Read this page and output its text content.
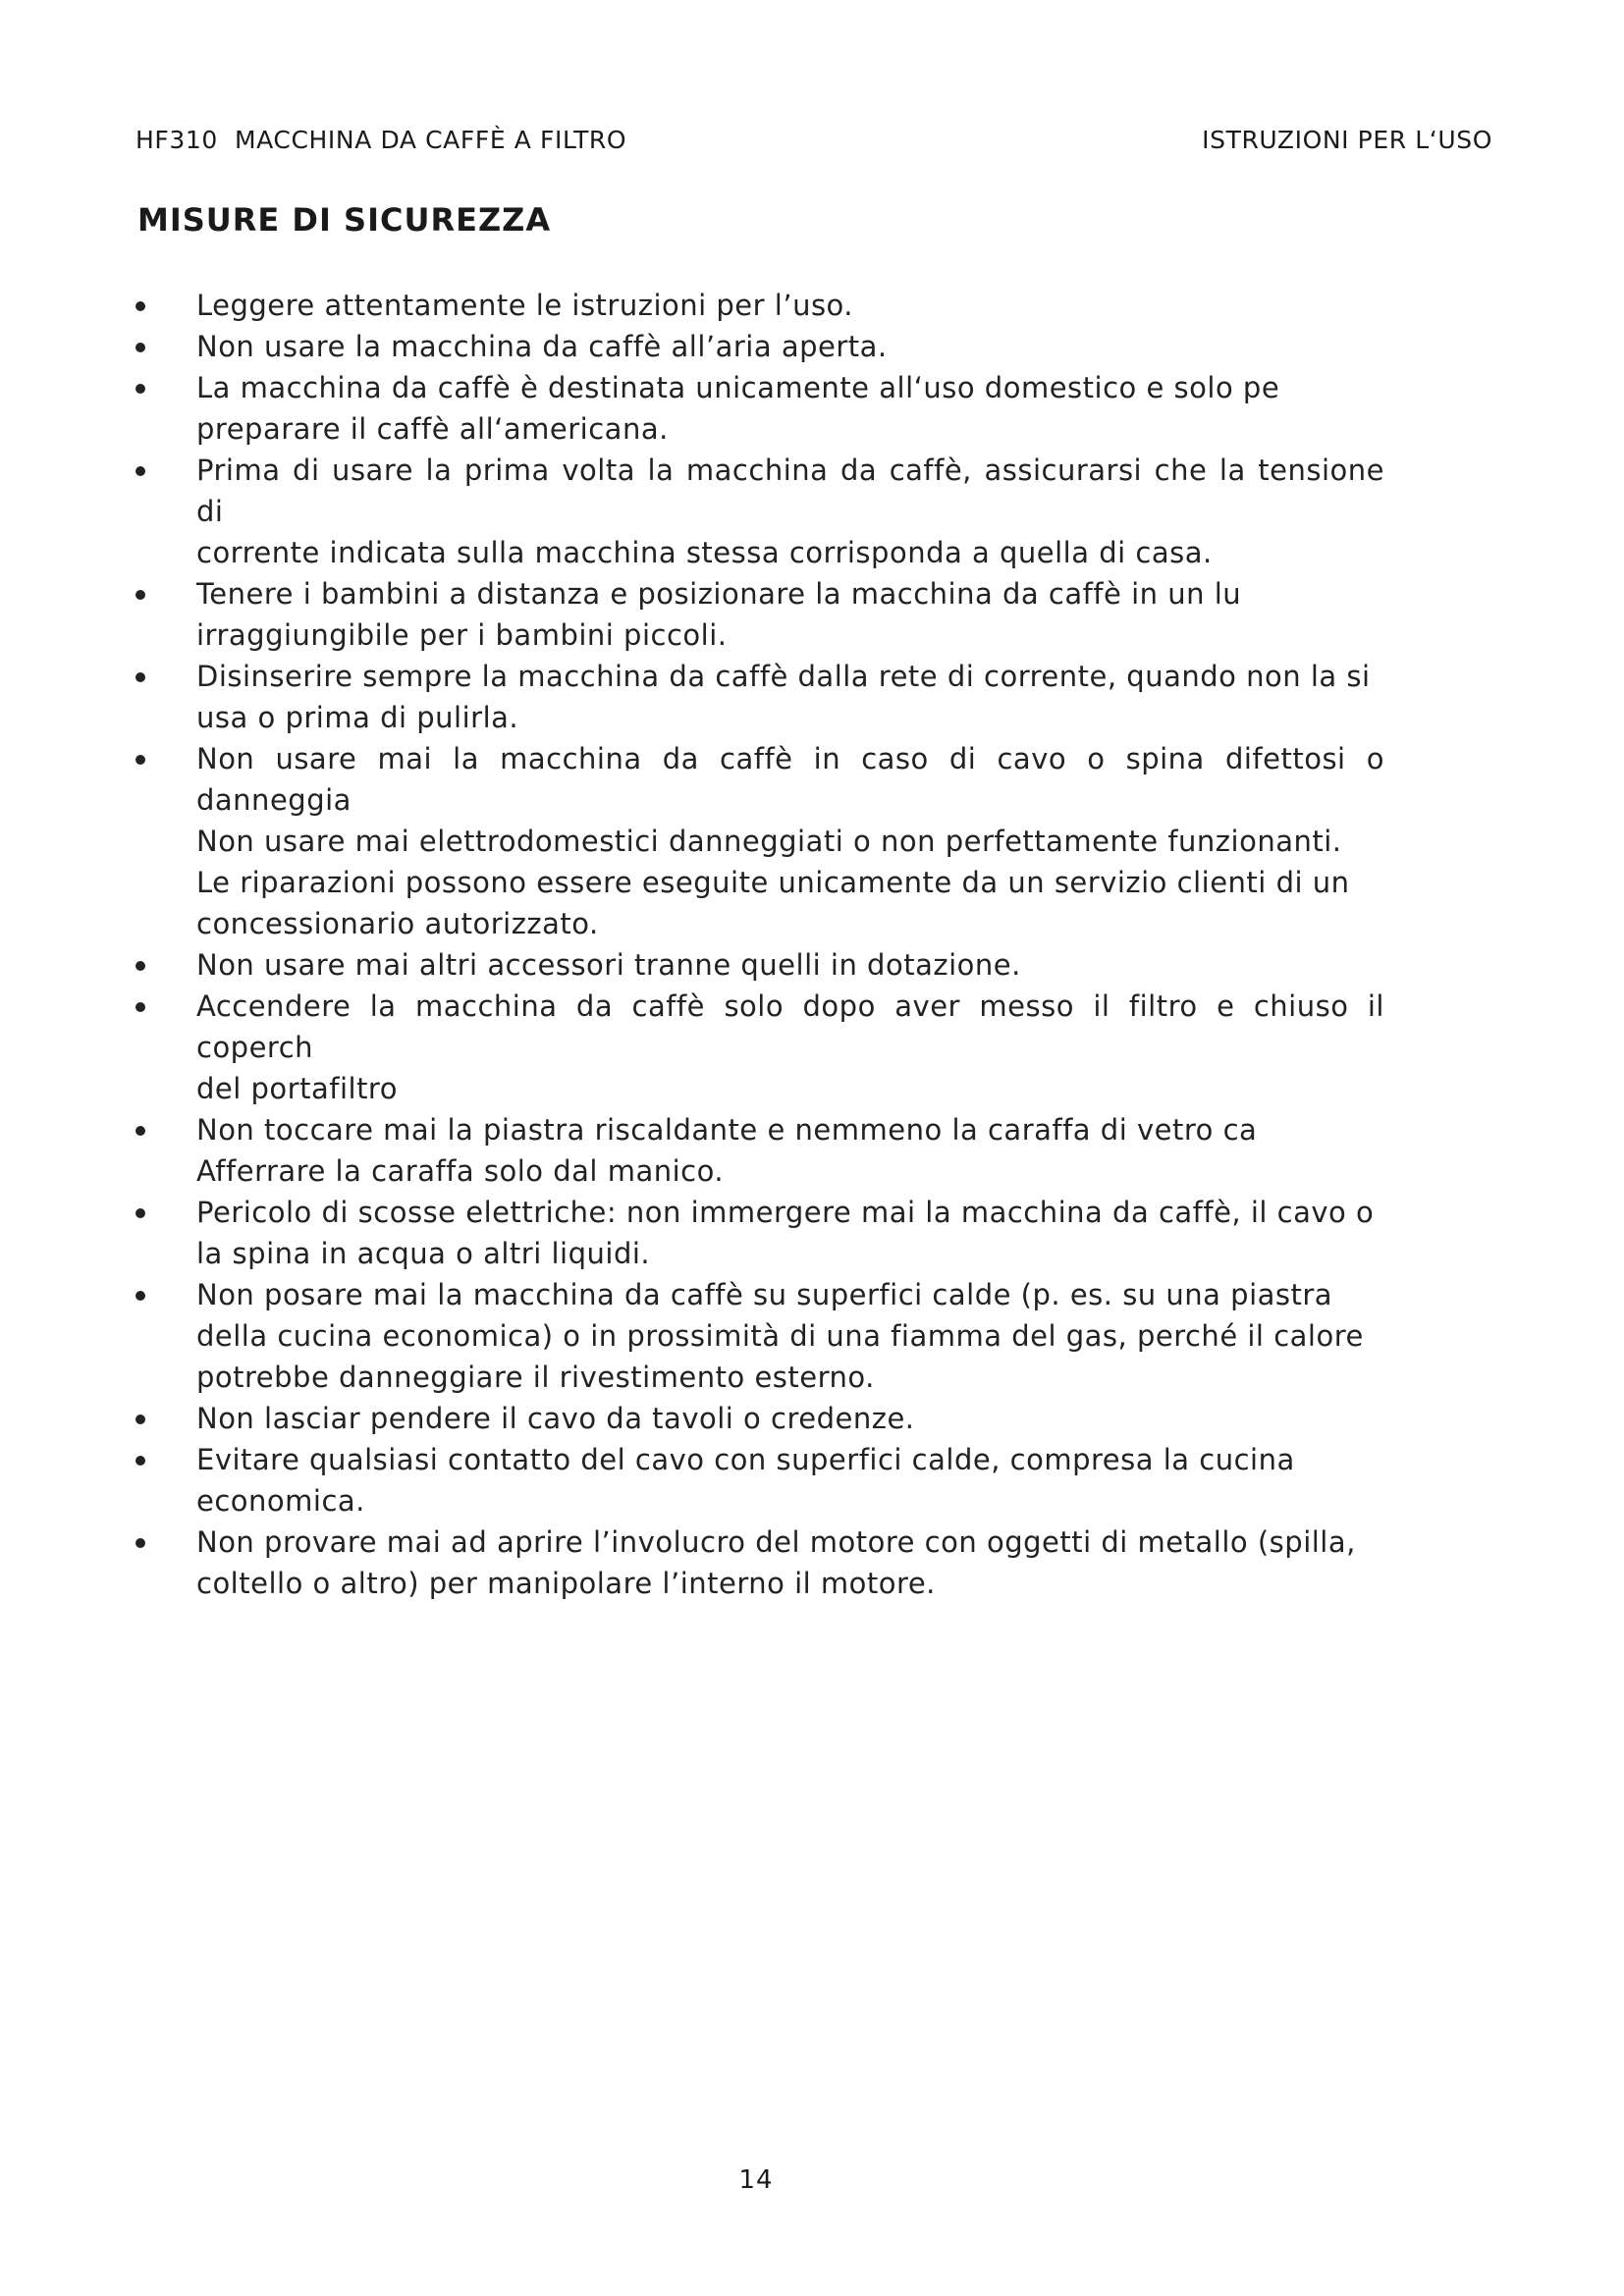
HF310  MACCHINA DA CAFFÈ A FILTRO	ISTRUZIONI PER L‘USO
MISURE DI SICUREZZA
Leggere attentamente le istruzioni per l’uso.
Non usare la macchina da caffè all’aria aperta.
La macchina da caffè è destinata unicamente all‘uso domestico e solo pe
preparare il caffè all‘americana.
Prima di usare la prima volta la macchina da caffè, assicurarsi che la tensione di
corrente indicata sulla macchina stessa corrisponda a quella di casa.
Tenere i bambini a distanza e posizionare la macchina da caffè in un lu
irraggiungibile per i bambini piccoli.
Disinserire sempre la macchina da caffè dalla rete di corrente, quando non la si
usa o prima di pulirla.
Non usare mai la macchina da caffè in caso di cavo o spina difettosi o danneggia
Non usare mai elettrodomestici danneggiati o non perfettamente funzionanti.
Le riparazioni possono essere eseguite unicamente da un servizio clienti di un
concessionario autorizzato.
Non usare mai altri accessori tranne quelli in dotazione.
Accendere la macchina da caffè solo dopo aver messo il filtro e chiuso il coperch
del portafiltro
Non toccare mai la piastra riscaldante e nemmeno la caraffa di vetro ca
Afferrare la caraffa solo dal manico.
Pericolo di scosse elettriche: non immergere mai la macchina da caffè, il cavo o
la spina in acqua o altri liquidi.
Non posare mai la macchina da caffè su superfici calde (p. es. su una piastra
della cucina economica) o in prossimità di una fiamma del gas, perché il calore
potrebbe danneggiare il rivestimento esterno.
Non lasciar pendere il cavo da tavoli o credenze.
Evitare qualsiasi contatto del cavo con superfici calde, compresa la cucina
economica.
Non provare mai ad aprire l’involucro del motore con oggetti di metallo (spilla,
coltello o altro) per manipolare l’interno il motore.
14
